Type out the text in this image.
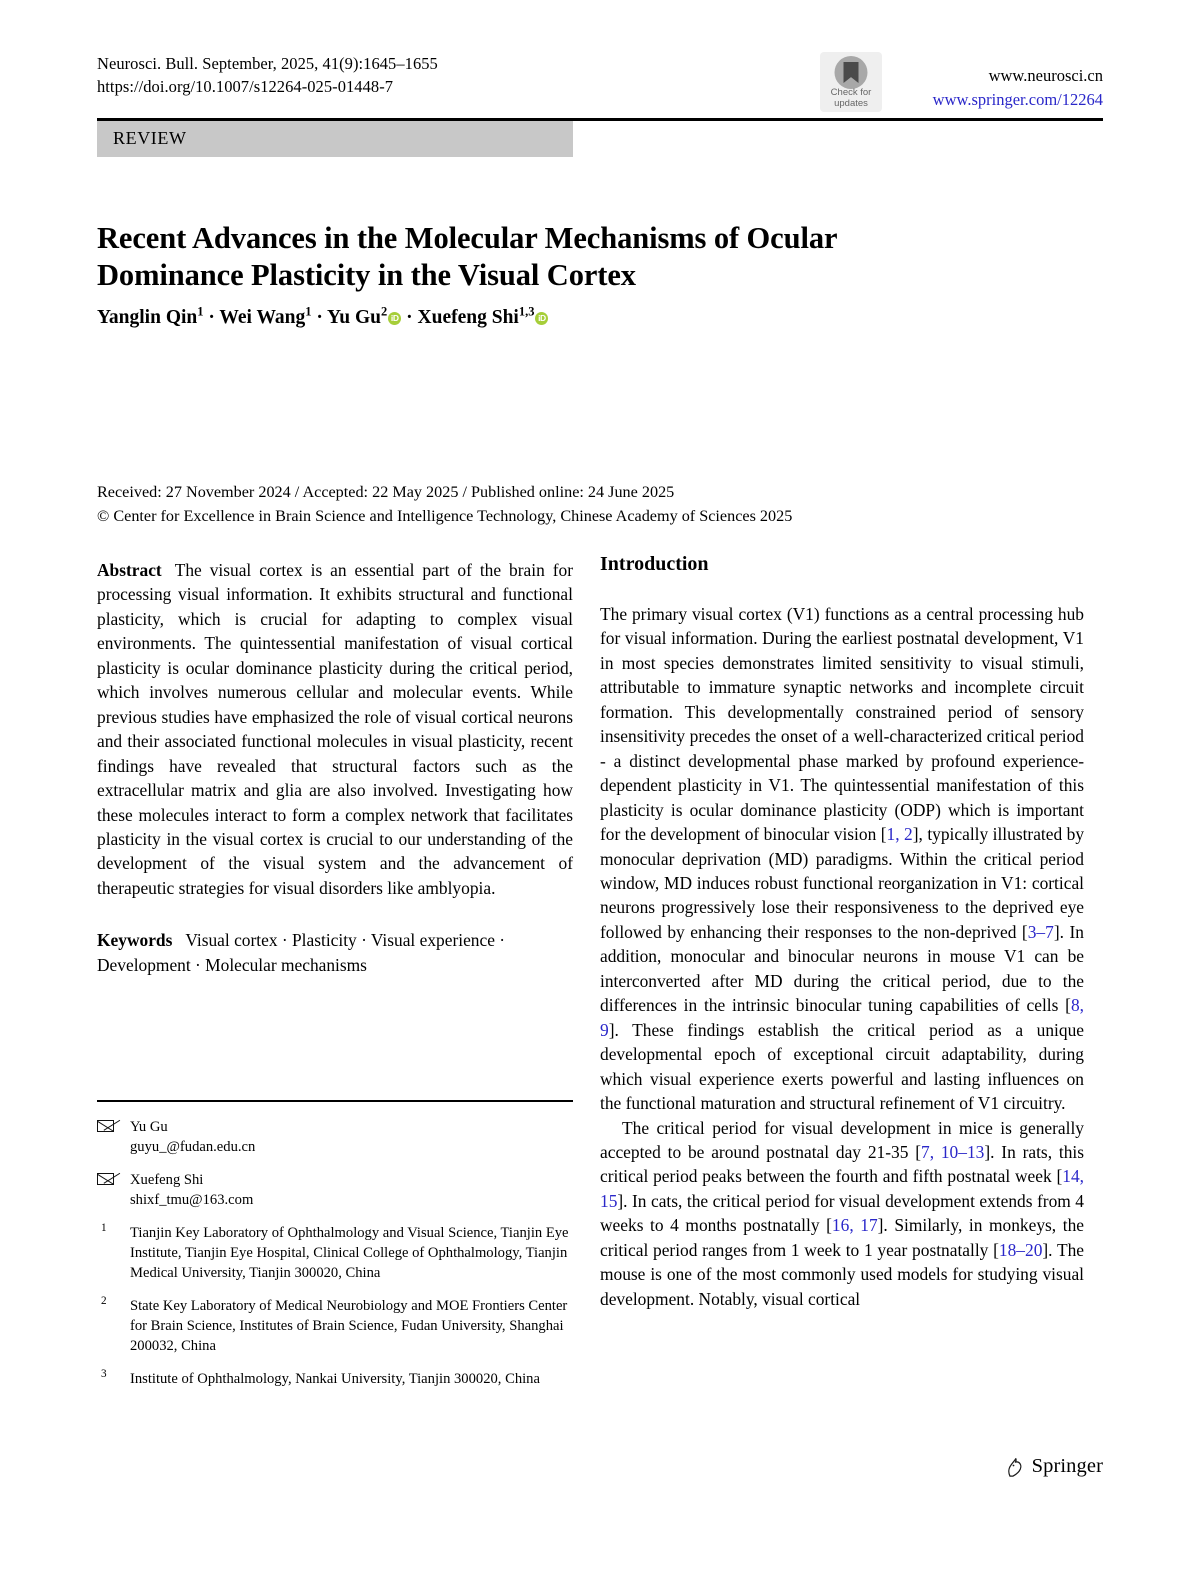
Neurosci. Bull. September, 2025, 41(9):1645–1655
https://doi.org/10.1007/s12264-025-01448-7	Check for
updates
www.neurosci.cn
www.springer.com/12264
REVIEW
Recent Advances in the Molecular Mechanisms of Ocular Dominance Plasticity in the Visual Cortex
Yanglin Qin$^1$ · Wei Wang$^1$ · Yu Gu$^2$ iD · Xuefeng Shi$^{1,3}$ iD

Received: 27 November 2024 / Accepted: 22 May 2025 / Published online: 24 June 2025

© Center for Excellence in Brain Science and Intelligence Technology, Chinese Academy of Sciences 2025

Abstract The visual cortex is an essential part of the brain for processing visual information. It exhibits structural and functional plasticity, which is crucial for adapting to complex visual environments. The quintessential manifestation of visual cortical plasticity is ocular dominance plasticity during the critical period, which involves numerous cellular and molecular events. While previous studies have emphasized the role of visual cortical neurons and their associated functional molecules in visual plasticity, recent findings have revealed that structural factors such as the extracellular matrix and glia are also involved. Investigating how these molecules interact to form a complex network that facilitates plasticity in the visual cortex is crucial to our understanding of the development of the visual system and the advancement of therapeutic strategies for visual disorders like amblyopia.
Keywords Visual cortex · Plasticity · Visual experience · Development · Molecular mechanisms
Introduction
The primary visual cortex (V1) functions as a central processing hub for visual information. During the earliest postnatal development, V1 in most species demonstrates limited sensitivity to visual stimuli, attributable to immature synaptic networks and incomplete circuit formation. This developmentally constrained period of sensory insensitivity precedes the onset of a well-characterized critical period - a distinct developmental phase marked by profound experience-dependent plasticity in V1. The quintessential manifestation of this plasticity is ocular dominance plasticity (ODP) which is important for the development of binocular vision [1, 2], typically illustrated by monocular deprivation (MD) paradigms. Within the critical period window, MD induces robust functional reorganization in V1: cortical neurons progressively lose their responsiveness to the deprived eye followed by enhancing their responses to the non-deprived [3–7]. In addition, monocular and binocular neurons in mouse V1 can be interconverted after MD during the critical period, due to the differences in the intrinsic binocular tuning capabilities of cells [8, 9]. These findings establish the critical period as a unique developmental epoch of exceptional circuit adaptability, during which visual experience exerts powerful and lasting influences on the functional maturation and structural refinement of V1 circuitry.
The critical period for visual development in mice is generally accepted to be around postnatal day 21-35 [7, 10–13]. In rats, this critical period peaks between the fourth and fifth postnatal week [14, 15]. In cats, the critical period for visual development extends from 4 weeks to 4 months postnatally [16, 17]. Similarly, in monkeys, the critical period ranges from 1 week to 1 year postnatally [18–20]. The mouse is one of the most commonly used models for studying visual development. Notably, visual cortical
Yu Gu
guyu_@fudan.edu.cn
Xuefeng Shi
shixf_tmu@163.com
1 Tianjin Key Laboratory of Ophthalmology and Visual Science, Tianjin Eye Institute, Tianjin Eye Hospital, Clinical College of Ophthalmology, Tianjin Medical University, Tianjin 300020, China
2 State Key Laboratory of Medical Neurobiology and MOE Frontiers Center for Brain Science, Institutes of Brain Science, Fudan University, Shanghai 200032, China
3 Institute of Ophthalmology, Nankai University, Tianjin 300020, China
Springer
